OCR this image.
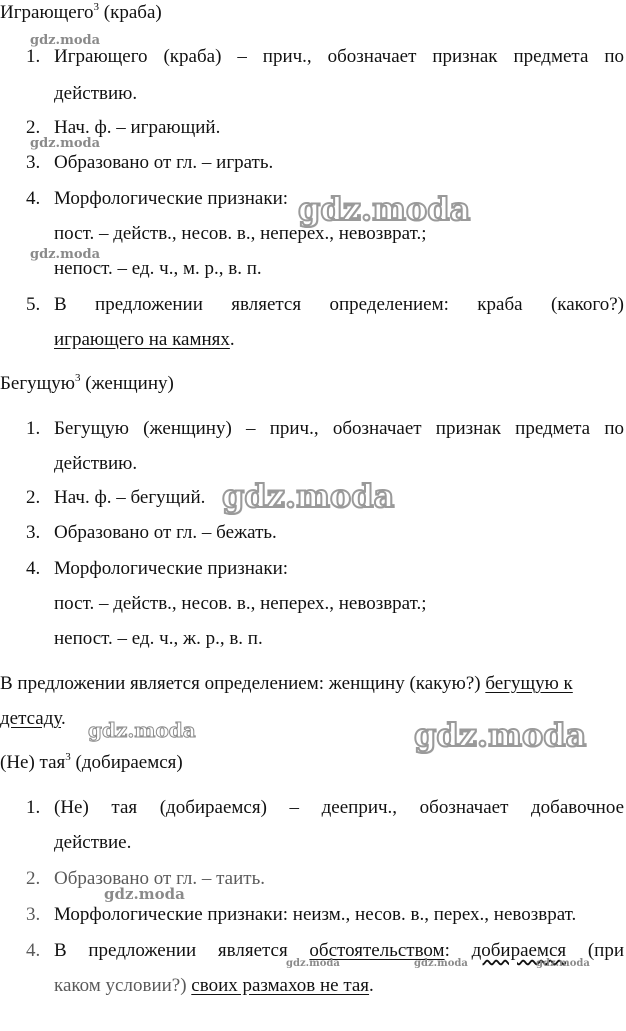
Играющего$^3$ (краба)
gdz.moda
1. Играющего (краба) – прич., обозначает признак предмета по
действию.
2. Нач. ф. – играющий.
gdz.moda
3. Образовано от гл. – играть.
4. Морфологические признаки: gdz.moda
пост. – действ., несов. в., неперех., невозврат.;
gdz.moda
непост. – ед. ч., м. р., в. п.
5. В предложении является определением: краба (какого?)
играющего на камнях.
Бегущую$^3$ (женщину)
1. Бегущую (женщину) – прич., обозначает признак предмета по
действию.
2. Нач. ф. – бегущий. gdz.moda
3. Образовано от гл. – бежать.
4. Морфологические признаки:
пост. – действ., несов. в., неперех., невозврат.;
непост. – ед. ч., ж. р., в. п.
В предложении является определением: женщину (какую?) бегущую к
детсаду. gdz.moda	gdz.moda
(Не) тая$^3$ (добираемся)
1. (Не) тая (добираемся) – дееприч., обозначает добавочное
действие.
2. Образовано от гл. – таить.
gdz.moda
3. Морфологические признаки: неизм., несов. в., перех., невозврат.
4. В предложении является обстоятельством: добираемся (при
gdz.moda	gdz.moda	gdz.moda
каком условии?) своих размахов не тая.
